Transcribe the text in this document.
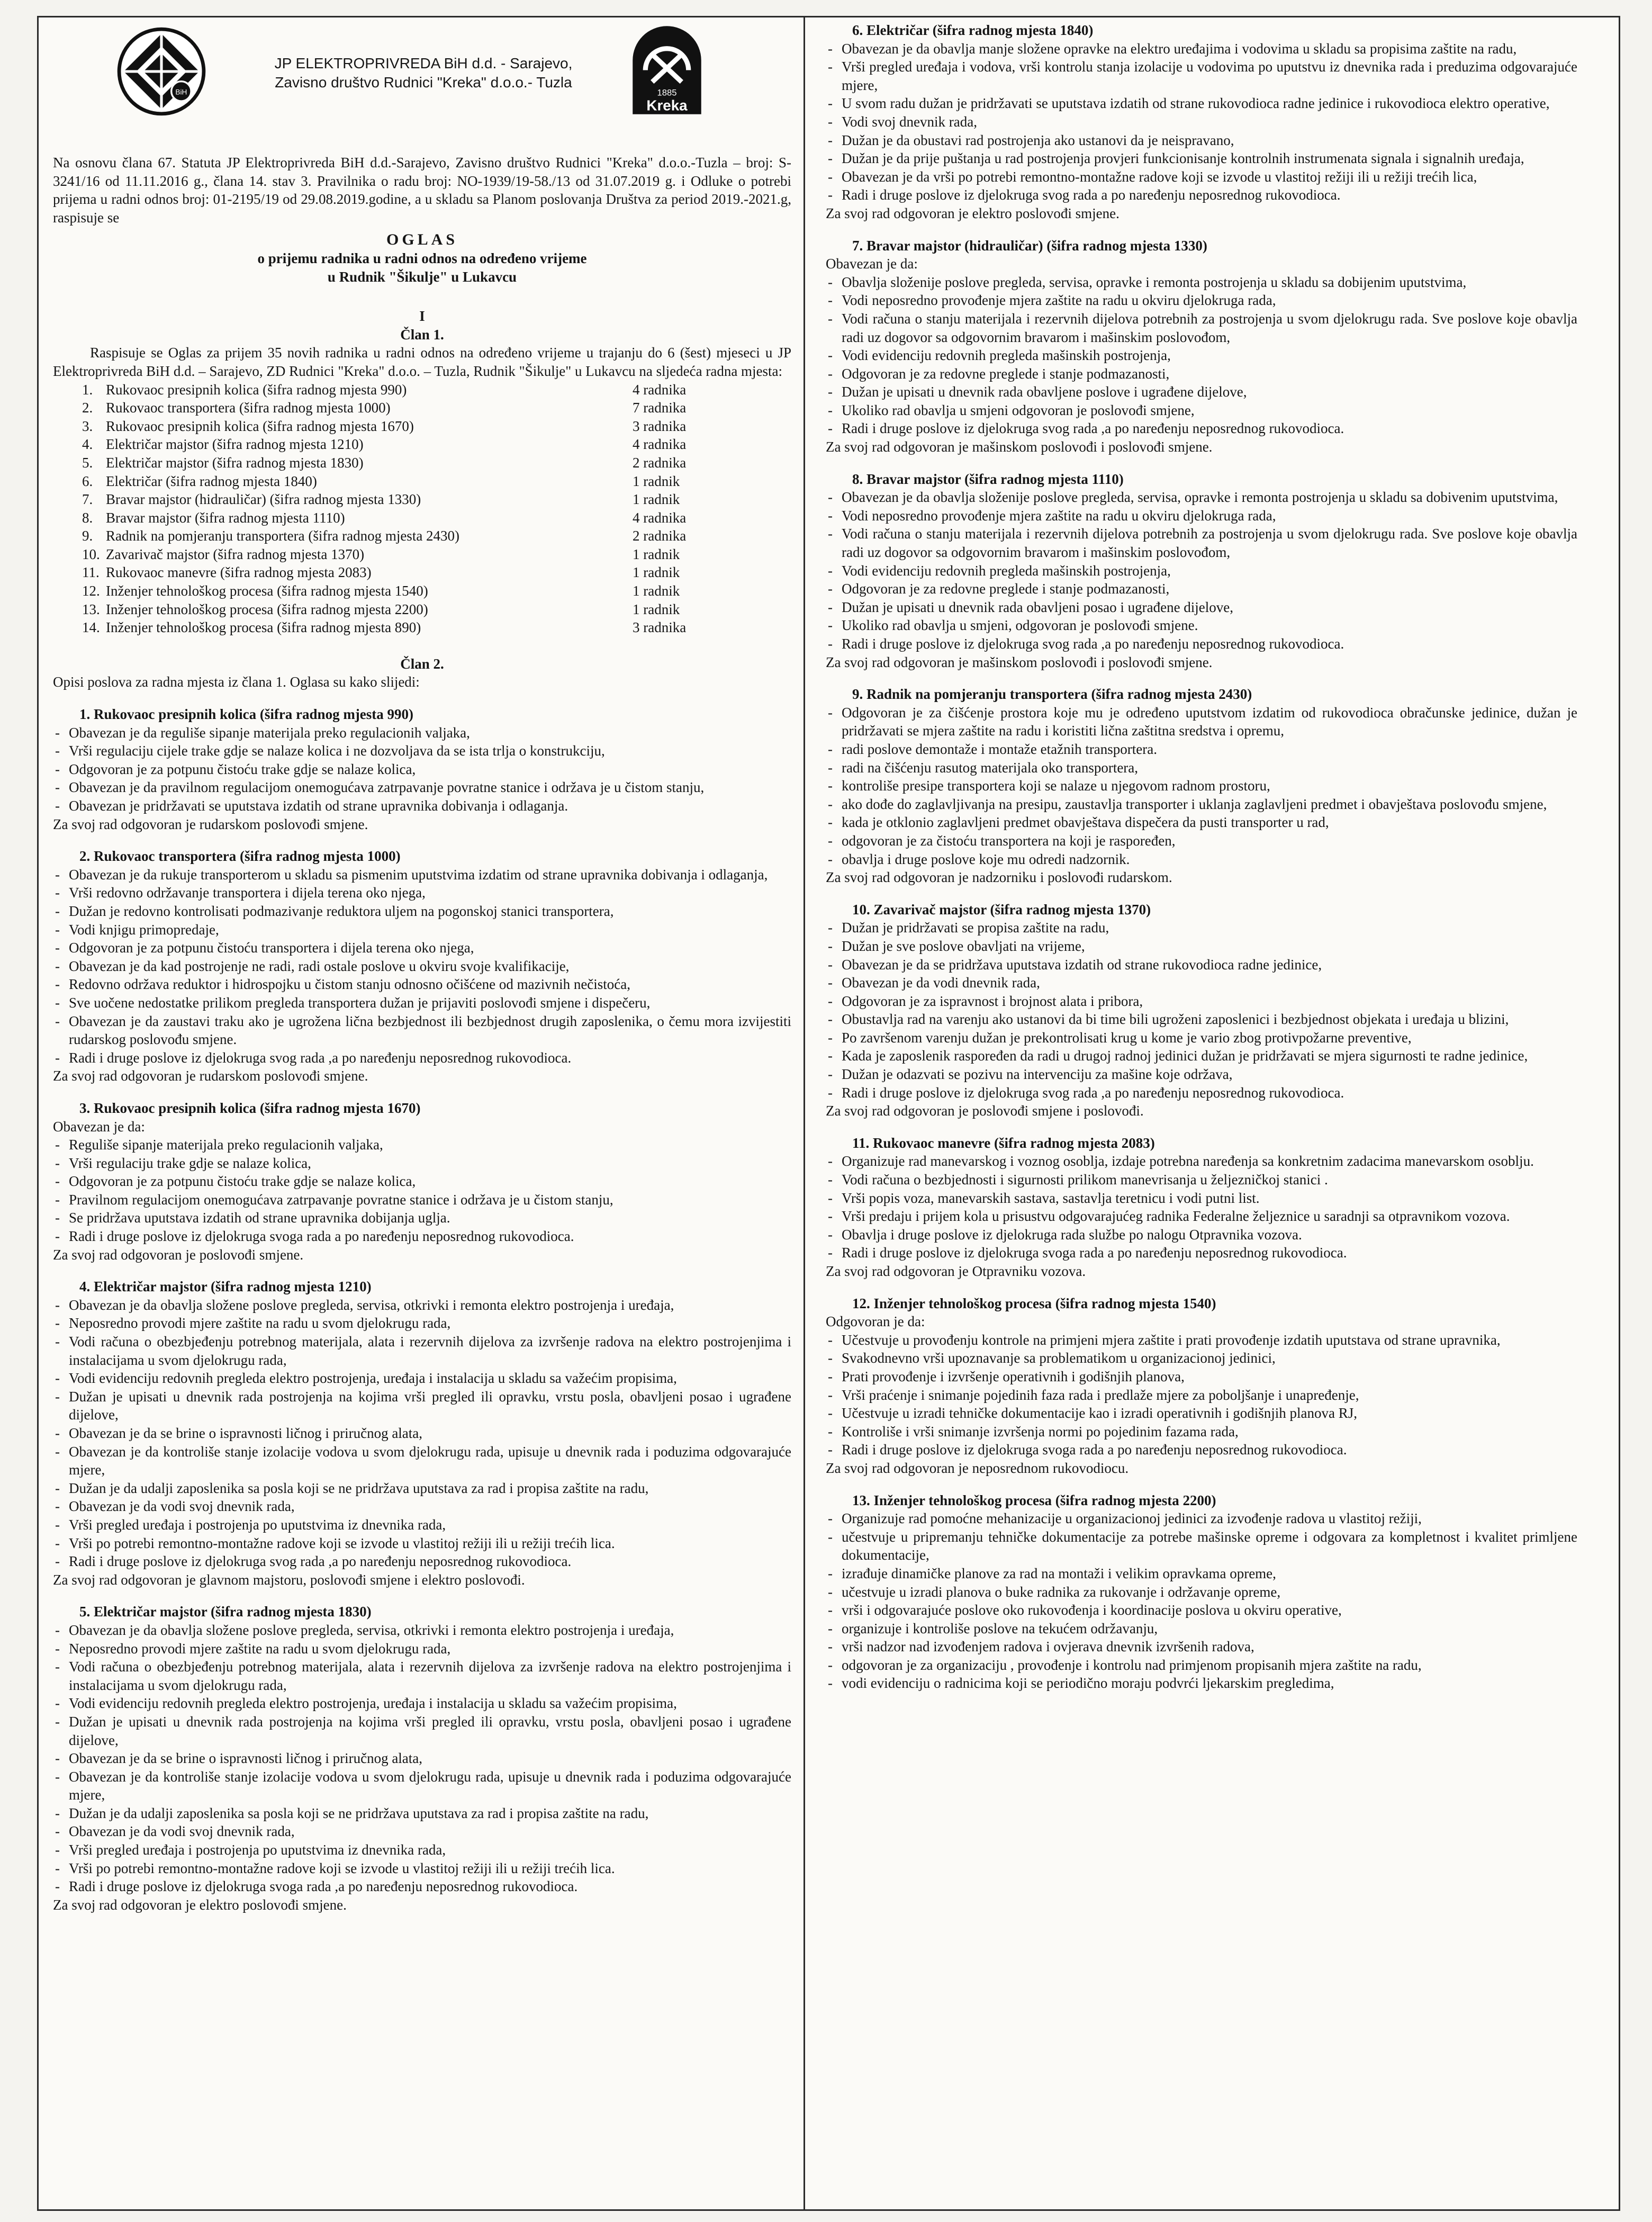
BiH
JP ELEKTROPRIVREDA BiH d.d. - Sarajevo,
Zavisno društvo Rudnici "Kreka" d.o.o.- Tuzla
1885
Kreka

Na osnovu člana 67. Statuta JP Elektroprivreda BiH d.d.-Sarajevo, Zavisno društvo Rudnici "Kreka" d.o.o.-Tuzla – broj: S-3241/16 od 11.11.2016 g., člana 14. stav 3. Pravilnika o radu broj: NO-1939/19-58./13 od 31.07.2019 g. i Odluke o potrebi prijema u radni odnos broj: 01-2195/19 od 29.08.2019.godine, a u skladu sa Planom poslovanja Društva za period 2019.-2021.g, raspisuje se

OGLAS
o prijemu radnika u radni odnos na određeno vrijeme
u Rudnik "Šikulje" u Lukavcu
I
Član 1.
Raspisuje se Oglas za prijem 35 novih radnika u radni odnos na određeno vrijeme u trajanju do 6 (šest) mjeseci u JP Elektroprivreda BiH d.d. – Sarajevo, ZD Rudnici "Kreka" d.o.o. – Tuzla, Rudnik "Šikulje" u Lukavcu na sljedeća radna mjesta:
1.	Rukovaoc presipnih kolica (šifra radnog mjesta 990)	4 radnika
2.	Rukovaoc transportera (šifra radnog mjesta 1000)	7 radnika
3.	Rukovaoc presipnih kolica (šifra radnog mjesta 1670)	3 radnika
4.	Električar majstor (šifra radnog mjesta 1210)	4 radnika
5.	Električar majstor (šifra radnog mjesta 1830)	2 radnika
6.	Električar (šifra radnog mjesta 1840)	1 radnik
7.	Bravar majstor (hidrauličar) (šifra radnog mjesta 1330)	1 radnik
8.	Bravar majstor (šifra radnog mjesta 1110)	4 radnika
9.	Radnik na pomjeranju transportera (šifra radnog mjesta 2430)	2 radnika
10.	Zavarivač majstor (šifra radnog mjesta 1370)	1 radnik
11.	Rukovaoc manevre (šifra radnog mjesta 2083)	1 radnik
12.	Inženjer tehnološkog procesa (šifra radnog mjesta 1540)	1 radnik
13.	Inženjer tehnološkog procesa (šifra radnog mjesta 2200)	1 radnik
14.	Inženjer tehnološkog procesa (šifra radnog mjesta 890)	3 radnika
Član 2.
Opisi poslova za radna mjesta iz člana 1. Oglasa su kako slijedi:
1. Rukovaoc presipnih kolica (šifra radnog mjesta 990)
- Obavezan je da reguliše sipanje materijala preko regulacionih valjaka,
- Vrši regulaciju cijele trake gdje se nalaze kolica i ne dozvoljava da se ista trlja o konstrukciju,
- Odgovoran je za potpunu čistoću trake gdje se nalaze kolica,
- Obavezan je da pravilnom regulacijom onemogućava zatrpavanje povratne stanice i održava je u čistom stanju,
- Obavezan je pridržavati se uputstava izdatih od strane upravnika dobivanja i odlaganja.

Za svoj rad odgovoran je rudarskom poslovođi smjene.

2. Rukovaoc transportera (šifra radnog mjesta 1000)
- Obavezan je da rukuje transporterom u skladu sa pismenim uputstvima izdatim od strane upravnika dobivanja i odlaganja,
- Vrši redovno održavanje transportera i dijela terena oko njega,
- Dužan je redovno kontrolisati podmazivanje reduktora uljem na pogonskoj stanici transportera,
- Vodi knjigu primopredaje,
- Odgovoran je za potpunu čistoću transportera i dijela terena oko njega,
- Obavezan je da kad postrojenje ne radi, radi ostale poslove u okviru svoje kvalifikacije,
- Redovno održava reduktor i hidrospojku u čistom stanju odnosno očišćene od mazivnih nečistoća,
- Sve uočene nedostatke prilikom pregleda transportera dužan je prijaviti poslovođi smjene i dispečeru,
- Obavezan je da zaustavi traku ako je ugrožena lična bezbjednost ili bezbjednost drugih zaposlenika, o čemu mora izvijestiti rudarskog poslovođu smjene.
- Radi i druge poslove iz djelokruga svog rada ,a po naređenju neposrednog rukovodioca.

Za svoj rad odgovoran je rudarskom poslovođi smjene.

3. Rukovaoc presipnih kolica (šifra radnog mjesta 1670)

Obavezan je da:

- Reguliše sipanje materijala preko regulacionih valjaka,
- Vrši regulaciju trake gdje se nalaze kolica,
- Odgovoran je za potpunu čistoću trake gdje se nalaze kolica,
- Pravilnom regulacijom onemogućava zatrpavanje povratne stanice i održava je u čistom stanju,
- Se pridržava uputstava izdatih od strane upravnika dobijanja uglja.
- Radi i druge poslove iz djelokruga svoga rada a po naređenju neposrednog rukovodioca.

Za svoj rad odgovoran je poslovođi smjene.

4. Električar majstor (šifra radnog mjesta 1210)
- Obavezan je da obavlja složene poslove pregleda, servisa, otkrivki i remonta elektro postrojenja i uređaja,
- Neposredno provodi mjere zaštite na radu u svom djelokrugu rada,
- Vodi računa o obezbjeđenju potrebnog materijala, alata i rezervnih dijelova za izvršenje radova na elektro postrojenjima i instalacijama u svom djelokrugu rada,
- Vodi evidenciju redovnih pregleda elektro postrojenja, uređaja i instalacija u skladu sa važećim propisima,
- Dužan je upisati u dnevnik rada postrojenja na kojima vrši pregled ili opravku, vrstu posla, obavljeni posao i ugrađene dijelove,
- Obavezan je da se brine o ispravnosti ličnog i priručnog alata,
- Obavezan je da kontroliše stanje izolacije vodova u svom djelokrugu rada, upisuje u dnevnik rada i poduzima odgovarajuće mjere,
- Dužan je da udalji zaposlenika sa posla koji se ne pridržava uputstava za rad i propisa zaštite na radu,
- Obavezan je da vodi svoj dnevnik rada,
- Vrši pregled uređaja i postrojenja po uputstvima iz dnevnika rada,
- Vrši po potrebi remontno-montažne radove koji se izvode u vlastitoj režiji ili u režiji trećih lica.
- Radi i druge poslove iz djelokruga svog rada ,a po naređenju neposrednog rukovodioca.

Za svoj rad odgovoran je glavnom majstoru, poslovođi smjene i elektro poslovođi.

5. Električar majstor (šifra radnog mjesta 1830)
- Obavezan je da obavlja složene poslove pregleda, servisa, otkrivki i remonta elektro postrojenja i uređaja,
- Neposredno provodi mjere zaštite na radu u svom djelokrugu rada,
- Vodi računa o obezbjeđenju potrebnog materijala, alata i rezervnih dijelova za izvršenje radova na elektro postrojenjima i instalacijama u svom djelokrugu rada,
- Vodi evidenciju redovnih pregleda elektro postrojenja, uređaja i instalacija u skladu sa važećim propisima,
- Dužan je upisati u dnevnik rada postrojenja na kojima vrši pregled ili opravku, vrstu posla, obavljeni posao i ugrađene dijelove,
- Obavezan je da se brine o ispravnosti ličnog i priručnog alata,
- Obavezan je da kontroliše stanje izolacije vodova u svom djelokrugu rada, upisuje u dnevnik rada i poduzima odgovarajuće mjere,
- Dužan je da udalji zaposlenika sa posla koji se ne pridržava uputstava za rad i propisa zaštite na radu,
- Obavezan je da vodi svoj dnevnik rada,
- Vrši pregled uređaja i postrojenja po uputstvima iz dnevnika rada,
- Vrši po potrebi remontno-montažne radove koji se izvode u vlastitoj režiji ili u režiji trećih lica.
- Radi i druge poslove iz djelokruga svoga rada ,a po naređenju neposrednog rukovodioca.

Za svoj rad odgovoran je elektro poslovođi smjene.

6. Električar (šifra radnog mjesta 1840)
- Obavezan je da obavlja manje složene opravke na elektro uređajima i vodovima u skladu sa propisima zaštite na radu,
- Vrši pregled uređaja i vodova, vrši kontrolu stanja izolacije u vodovima po uputstvu iz dnevnika rada i preduzima odgovarajuće mjere,
- U svom radu dužan je pridržavati se uputstava izdatih od strane rukovodioca radne jedinice i rukovodioca elektro operative,
- Vodi svoj dnevnik rada,
- Dužan je da obustavi rad postrojenja ako ustanovi da je neispravano,
- Dužan je da prije puštanja u rad postrojenja provjeri funkcionisanje kontrolnih instrumenata signala i signalnih uređaja,
- Obavezan je da vrši po potrebi remontno-montažne radove koji se izvode u vlastitoj režiji ili u režiji trećih lica,
- Radi i druge poslove iz djelokruga svog rada a po naređenju neposrednog rukovodioca.

Za svoj rad odgovoran je elektro poslovođi smjene.

7. Bravar majstor (hidrauličar) (šifra radnog mjesta 1330)

Obavezan je da:

- Obavlja složenije poslove pregleda, servisa, opravke i remonta postrojenja u skladu sa dobijenim uputstvima,
- Vodi neposredno provođenje mjera zaštite na radu u okviru djelokruga rada,
- Vodi računa o stanju materijala i rezervnih dijelova potrebnih za postrojenja u svom djelokrugu rada. Sve poslove koje obavlja radi uz dogovor sa odgovornim bravarom i mašinskim poslovođom,
- Vodi evidenciju redovnih pregleda mašinskih postrojenja,
- Odgovoran je za redovne preglede i stanje podmazanosti,
- Dužan je upisati u dnevnik rada obavljene poslove i ugrađene dijelove,
- Ukoliko rad obavlja u smjeni odgovoran je poslovođi smjene,
- Radi i druge poslove iz djelokruga svog rada ,a po naređenju neposrednog rukovodioca.

Za svoj rad odgovoran je mašinskom poslovođi i poslovođi smjene.

8. Bravar majstor (šifra radnog mjesta 1110)
- Obavezan je da obavlja složenije poslove pregleda, servisa, opravke i remonta postrojenja u skladu sa dobivenim uputstvima,
- Vodi neposredno provođenje mjera zaštite na radu u okviru djelokruga rada,
- Vodi računa o stanju materijala i rezervnih dijelova potrebnih za postrojenja u svom djelokrugu rada. Sve poslove koje obavlja radi uz dogovor sa odgovornim bravarom i mašinskim poslovođom,
- Vodi evidenciju redovnih pregleda mašinskih postrojenja,
- Odgovoran je za redovne preglede i stanje podmazanosti,
- Dužan je upisati u dnevnik rada obavljeni posao i ugrađene dijelove,
- Ukoliko rad obavlja u smjeni, odgovoran je poslovođi smjene.
- Radi i druge poslove iz djelokruga svog rada ,a po naređenju neposrednog rukovodioca.

Za svoj rad odgovoran je mašinskom poslovođi i poslovođi smjene.

9. Radnik na pomjeranju transportera (šifra radnog mjesta 2430)
- Odgovoran je za čišćenje prostora koje mu je određeno uputstvom izdatim od rukovodioca obračunske jedinice, dužan je pridržavati se mjera zaštite na radu i koristiti lična zaštitna sredstva i opremu,
- radi poslove demontaže i montaže etažnih transportera.
- radi na čišćenju rasutog materijala oko transportera,
- kontroliše presipe transportera koji se nalaze u njegovom radnom prostoru,
- ako dođe do zaglavljivanja na presipu, zaustavlja transporter i uklanja zaglavljeni predmet i obavještava poslovođu smjene,
- kada je otklonio zaglavljeni predmet obavještava dispečera da pusti transporter u rad,
- odgovoran je za čistoću transportera na koji je raspoređen,
- obavlja i druge poslove koje mu odredi nadzornik.

Za svoj rad odgovoran je nadzorniku i poslovođi rudarskom.

10. Zavarivač majstor (šifra radnog mjesta 1370)
- Dužan je pridržavati se propisa zaštite na radu,
- Dužan je sve poslove obavljati na vrijeme,
- Obavezan je da se pridržava uputstava izdatih od strane rukovodioca radne jedinice,
- Obavezan je da vodi dnevnik rada,
- Odgovoran je za ispravnost i brojnost alata i pribora,
- Obustavlja rad na varenju ako ustanovi da bi time bili ugroženi zaposlenici i bezbjednost objekata i uređaja u blizini,
- Po završenom varenju dužan je prekontrolisati krug u kome je vario zbog protivpožarne preventive,
- Kada je zaposlenik raspoređen da radi u drugoj radnoj jedinici dužan je pridržavati se mjera sigurnosti te radne jedinice,
- Dužan je odazvati se pozivu na intervenciju za mašine koje održava,
- Radi i druge poslove iz djelokruga svog rada ,a po naređenju neposrednog rukovodioca.

Za svoj rad odgovoran je poslovođi smjene i poslovođi.

11. Rukovaoc manevre (šifra radnog mjesta 2083)
- Organizuje rad manevarskog i voznog osoblja, izdaje potrebna naređenja sa konkretnim zadacima manevarskom osoblju.
- Vodi računa o bezbjednosti i sigurnosti prilikom manevrisanja u željezničkoj stanici .
- Vrši popis voza, manevarskih sastava, sastavlja teretnicu i vodi putni list.
- Vrši predaju i prijem kola u prisustvu odgovarajućeg radnika Federalne željeznice u saradnji sa otpravnikom vozova.
- Obavlja i druge poslove iz djelokruga rada službe po nalogu Otpravnika vozova.
- Radi i druge poslove iz djelokruga svoga rada a po naređenju neposrednog rukovodioca.

Za svoj rad odgovoran je Otpravniku vozova.

12. Inženjer tehnološkog procesa (šifra radnog mjesta 1540)

Odgovoran je da:

- Učestvuje u provođenju kontrole na primjeni mjera zaštite i prati provođenje izdatih uputstava od strane upravnika,
- Svakodnevno vrši upoznavanje sa problematikom u organizacionoj jedinici,
- Prati provođenje i izvršenje operativnih i godišnjih planova,
- Vrši praćenje i snimanje pojedinih faza rada i predlaže mjere za poboljšanje i unapređenje,
- Učestvuje u izradi tehničke dokumentacije kao i izradi operativnih i godišnjih planova RJ,
- Kontroliše i vrši snimanje izvršenja normi po pojedinim fazama rada,
- Radi i druge poslove iz djelokruga svoga rada a po naređenju neposrednog rukovodioca.

Za svoj rad odgovoran je neposrednom rukovodiocu.

13. Inženjer tehnološkog procesa (šifra radnog mjesta 2200)
- Organizuje rad pomoćne mehanizacije u organizacionoj jedinici za izvođenje radova u vlastitoj režiji,
- učestvuje u pripremanju tehničke dokumentacije za potrebe mašinske opreme i odgovara za kompletnost i kvalitet primljene dokumentacije,
- izrađuje dinamičke planove za rad na montaži i velikim opravkama opreme,
- učestvuje u izradi planova o buke radnika za rukovanje i održavanje opreme,
- vrši i odgovarajuće poslove oko rukovođenja i koordinacije poslova u okviru operative,
- organizuje i kontroliše poslove na tekućem održavanju,
- vrši nadzor nad izvođenjem radova i ovjerava dnevnik izvršenih radova,
- odgovoran je za organizaciju , provođenje i kontrolu nad primjenom propisanih mjera zaštite na radu,
- vodi evidenciju o radnicima koji se periodično moraju podvrći ljekarskim pregledima,
